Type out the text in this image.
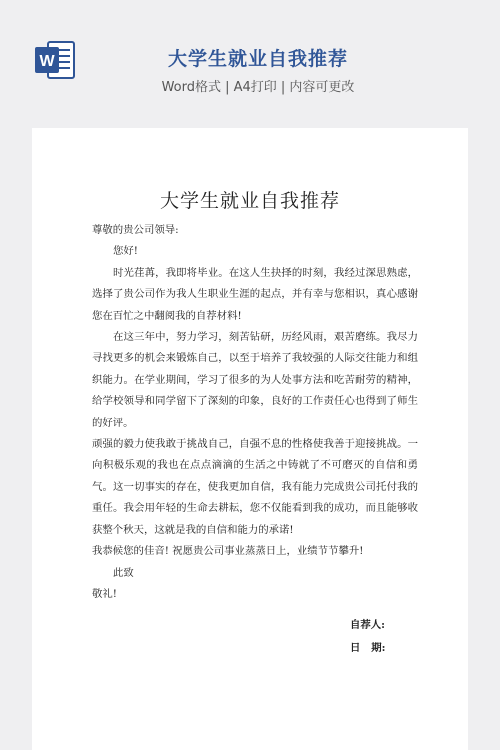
W	大学生就业自我推荐
Word格式 | A4打印 | 内容可更改
大学生就业自我推荐

尊敬的贵公司领导:

您好!

时光荏苒，我即将毕业。在这人生抉择的时刻，我经过深思熟虑，选择了贵公司作为我人生职业生涯的起点，并有幸与您相识，真心感谢您在百忙之中翻阅我的自荐材料!

在这三年中，努力学习，刻苦钻研，历经风雨，艰苦磨练。我尽力寻找更多的机会来锻炼自己，以至于培养了我较强的人际交往能力和组织能力。在学业期间，学习了很多的为人处事方法和吃苦耐劳的精神，给学校领导和同学留下了深刻的印象，良好的工作责任心也得到了师生的好评。

顽强的毅力使我敢于挑战自己，自强不息的性格使我善于迎接挑战。一向积极乐观的我也在点点滴滴的生活之中铸就了不可磨灭的自信和勇气。这一切事实的存在，使我更加自信，我有能力完成贵公司托付我的重任。我会用年轻的生命去耕耘，您不仅能看到我的成功，而且能够收获整个秋天，这就是我的自信和能力的承诺!

我恭候您的佳音! 祝愿贵公司事业蒸蒸日上，业绩节节攀升!

此致

敬礼!

自荐人:
日   期:
